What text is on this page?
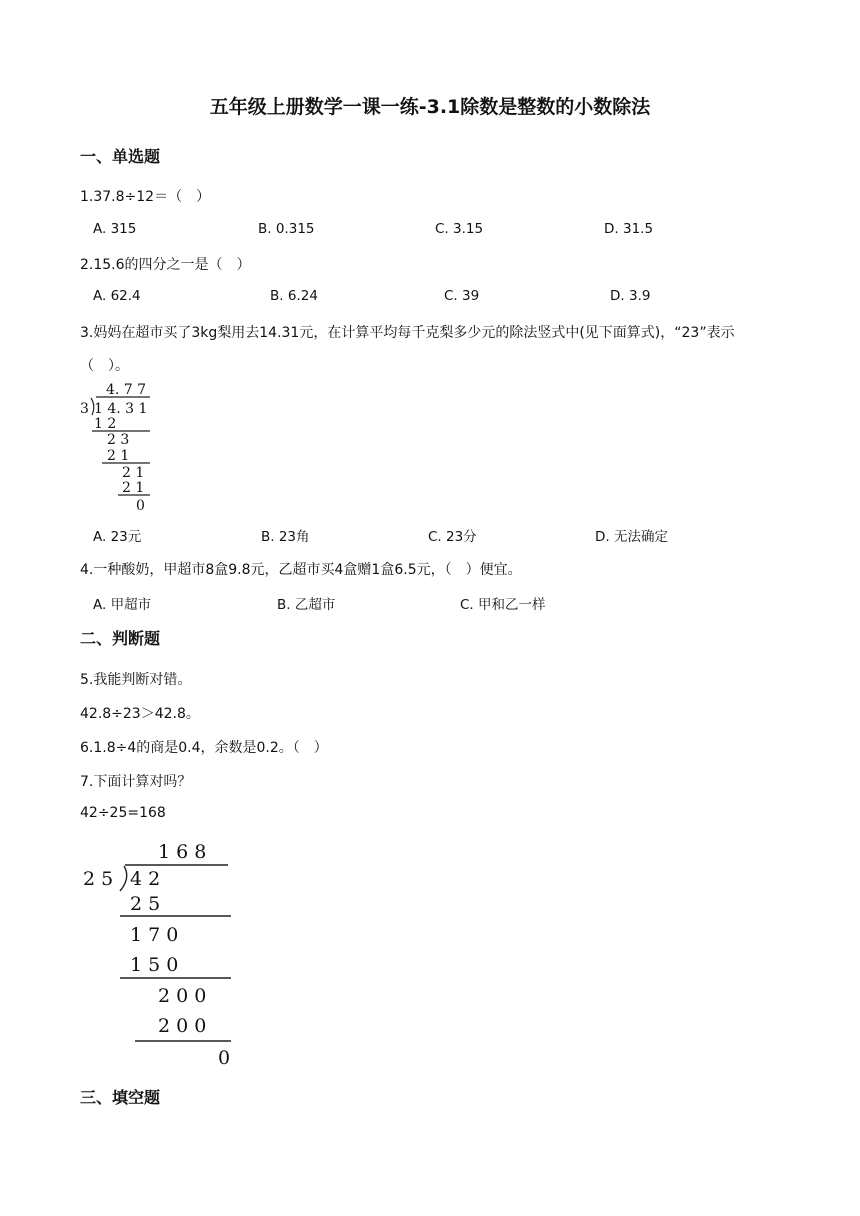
五年级上册数学一课一练-3.1除数是整数的小数除法
一、单选题
1.37.8÷12＝（　）
A. 315	B. 0.315	C. 3.15	D. 31.5
2.15.6的四分之一是（　）
A. 62.4	B. 6.24	C. 39	D. 3.9
3.妈妈在超市买了3kg梨用去14.31元，在计算平均每千克梨多少元的除法竖式中(见下面算式)，“23”表示
（　）。
4. 7 7
3 1 4. 3 1
1 2
2 3
2 1
2 1
2 1
0
A. 23元	B. 23角	C. 23分	D. 无法确定
4.一种酸奶，甲超市8盒9.8元，乙超市买4盒赠1盒6.5元，（　）便宜。
A. 甲超市	B. 乙超市	C. 甲和乙一样
二、判断题
5.我能判断对错。
42.8÷23＞42.8。
6.1.8÷4的商是0.4，余数是0.2。（　）
7.下面计算对吗？
42÷25=168
1 6 8
2 5 4 2
2 5
1 7 0
1 5 0
2 0 0
2 0 0
0
三、填空题
